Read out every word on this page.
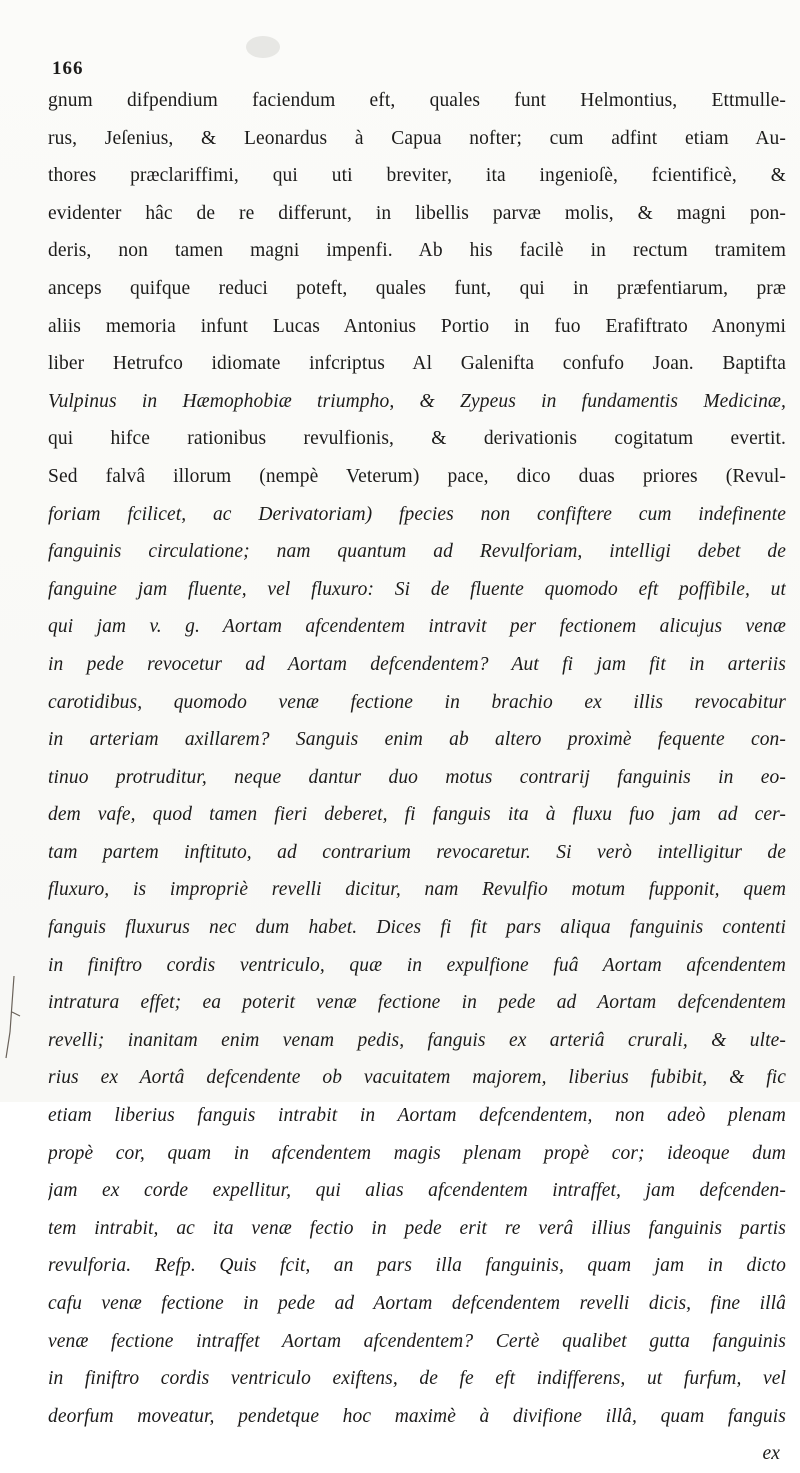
166
gnum difpendium faciendum eft, quales funt Helmontius, Ettmulle-
rus, Jeſenius, & Leonardus à Capua nofter; cum adfint etiam Au-
thores præclariffimi, qui uti breviter, ita ingenioſè, fcientificè, &
evidenter hâc de re differunt, in libellis parvæ molis, & magni pon-
deris, non tamen magni impenfi. Ab his facilè in rectum tramitem
anceps quifque reduci poteft, quales funt, qui in præfentiarum, præ
aliis memoria infunt Lucas Antonius Portio in fuo Erafiftrato Anonymi
liber Hetrufco idiomate infcriptus Al Galenifta confufo Joan. Baptifta
Vulpinus in Hæmophobiæ triumpho, & Zypeus in fundamentis Medicinæ,
qui hifce rationibus revulfionis, & derivationis cogitatum evertit.
Sed falvâ illorum (nempè Veterum) pace, dico duas priores (Revul-
foriam fcilicet, ac Derivatoriam) fpecies non confiftere cum indefinente
fanguinis circulatione; nam quantum ad Revulforiam, intelligi debet de
fanguine jam fluente, vel fluxuro: Si de fluente quomodo eft poffibile, ut
qui jam v. g. Aortam afcendentem intravit per fectionem alicujus venæ
in pede revocetur ad Aortam defcendentem? Aut fi jam fit in arteriis
carotidibus, quomodo venæ fectione in brachio ex illis revocabitur
in arteriam axillarem? Sanguis enim ab altero proximè fequente con-
tinuo protruditur, neque dantur duo motus contrarij fanguinis in eo-
dem vafe, quod tamen fieri deberet, fi fanguis ita à fluxu fuo jam ad cer-
tam partem inftituto, ad contrarium revocaretur. Si verò intelligitur de
fluxuro, is impropriè revelli dicitur, nam Revulfio motum fupponit, quem
fanguis fluxurus nec dum habet. Dices fi fit pars aliqua fanguinis contenti
in finiftro cordis ventriculo, quæ in expulfione fuâ Aortam afcendentem
intratura effet; ea poterit venæ fectione in pede ad Aortam defcendentem
revelli; inanitam enim venam pedis, fanguis ex arteriâ crurali, & ulte-
rius ex Aortâ defcendente ob vacuitatem majorem, liberius fubibit, & fic
etiam liberius fanguis intrabit in Aortam defcendentem, non adeò plenam
propè cor, quam in afcendentem magis plenam propè cor; ideoque dum
jam ex corde expellitur, qui alias afcendentem intraffet, jam defcenden-
tem intrabit, ac ita venæ fectio in pede erit re verâ illius fanguinis partis
revulforia. Refp. Quis fcit, an pars illa fanguinis, quam jam in dicto
cafu venæ fectione in pede ad Aortam defcendentem revelli dicis, fine illâ
venæ fectione intraffet Aortam afcendentem? Certè qualibet gutta fanguinis
in finiftro cordis ventriculo exiftens, de fe eft indifferens, ut furfum, vel
deorfum moveatur, pendetque hoc maximè à divifione illâ, quam fanguis
ex
